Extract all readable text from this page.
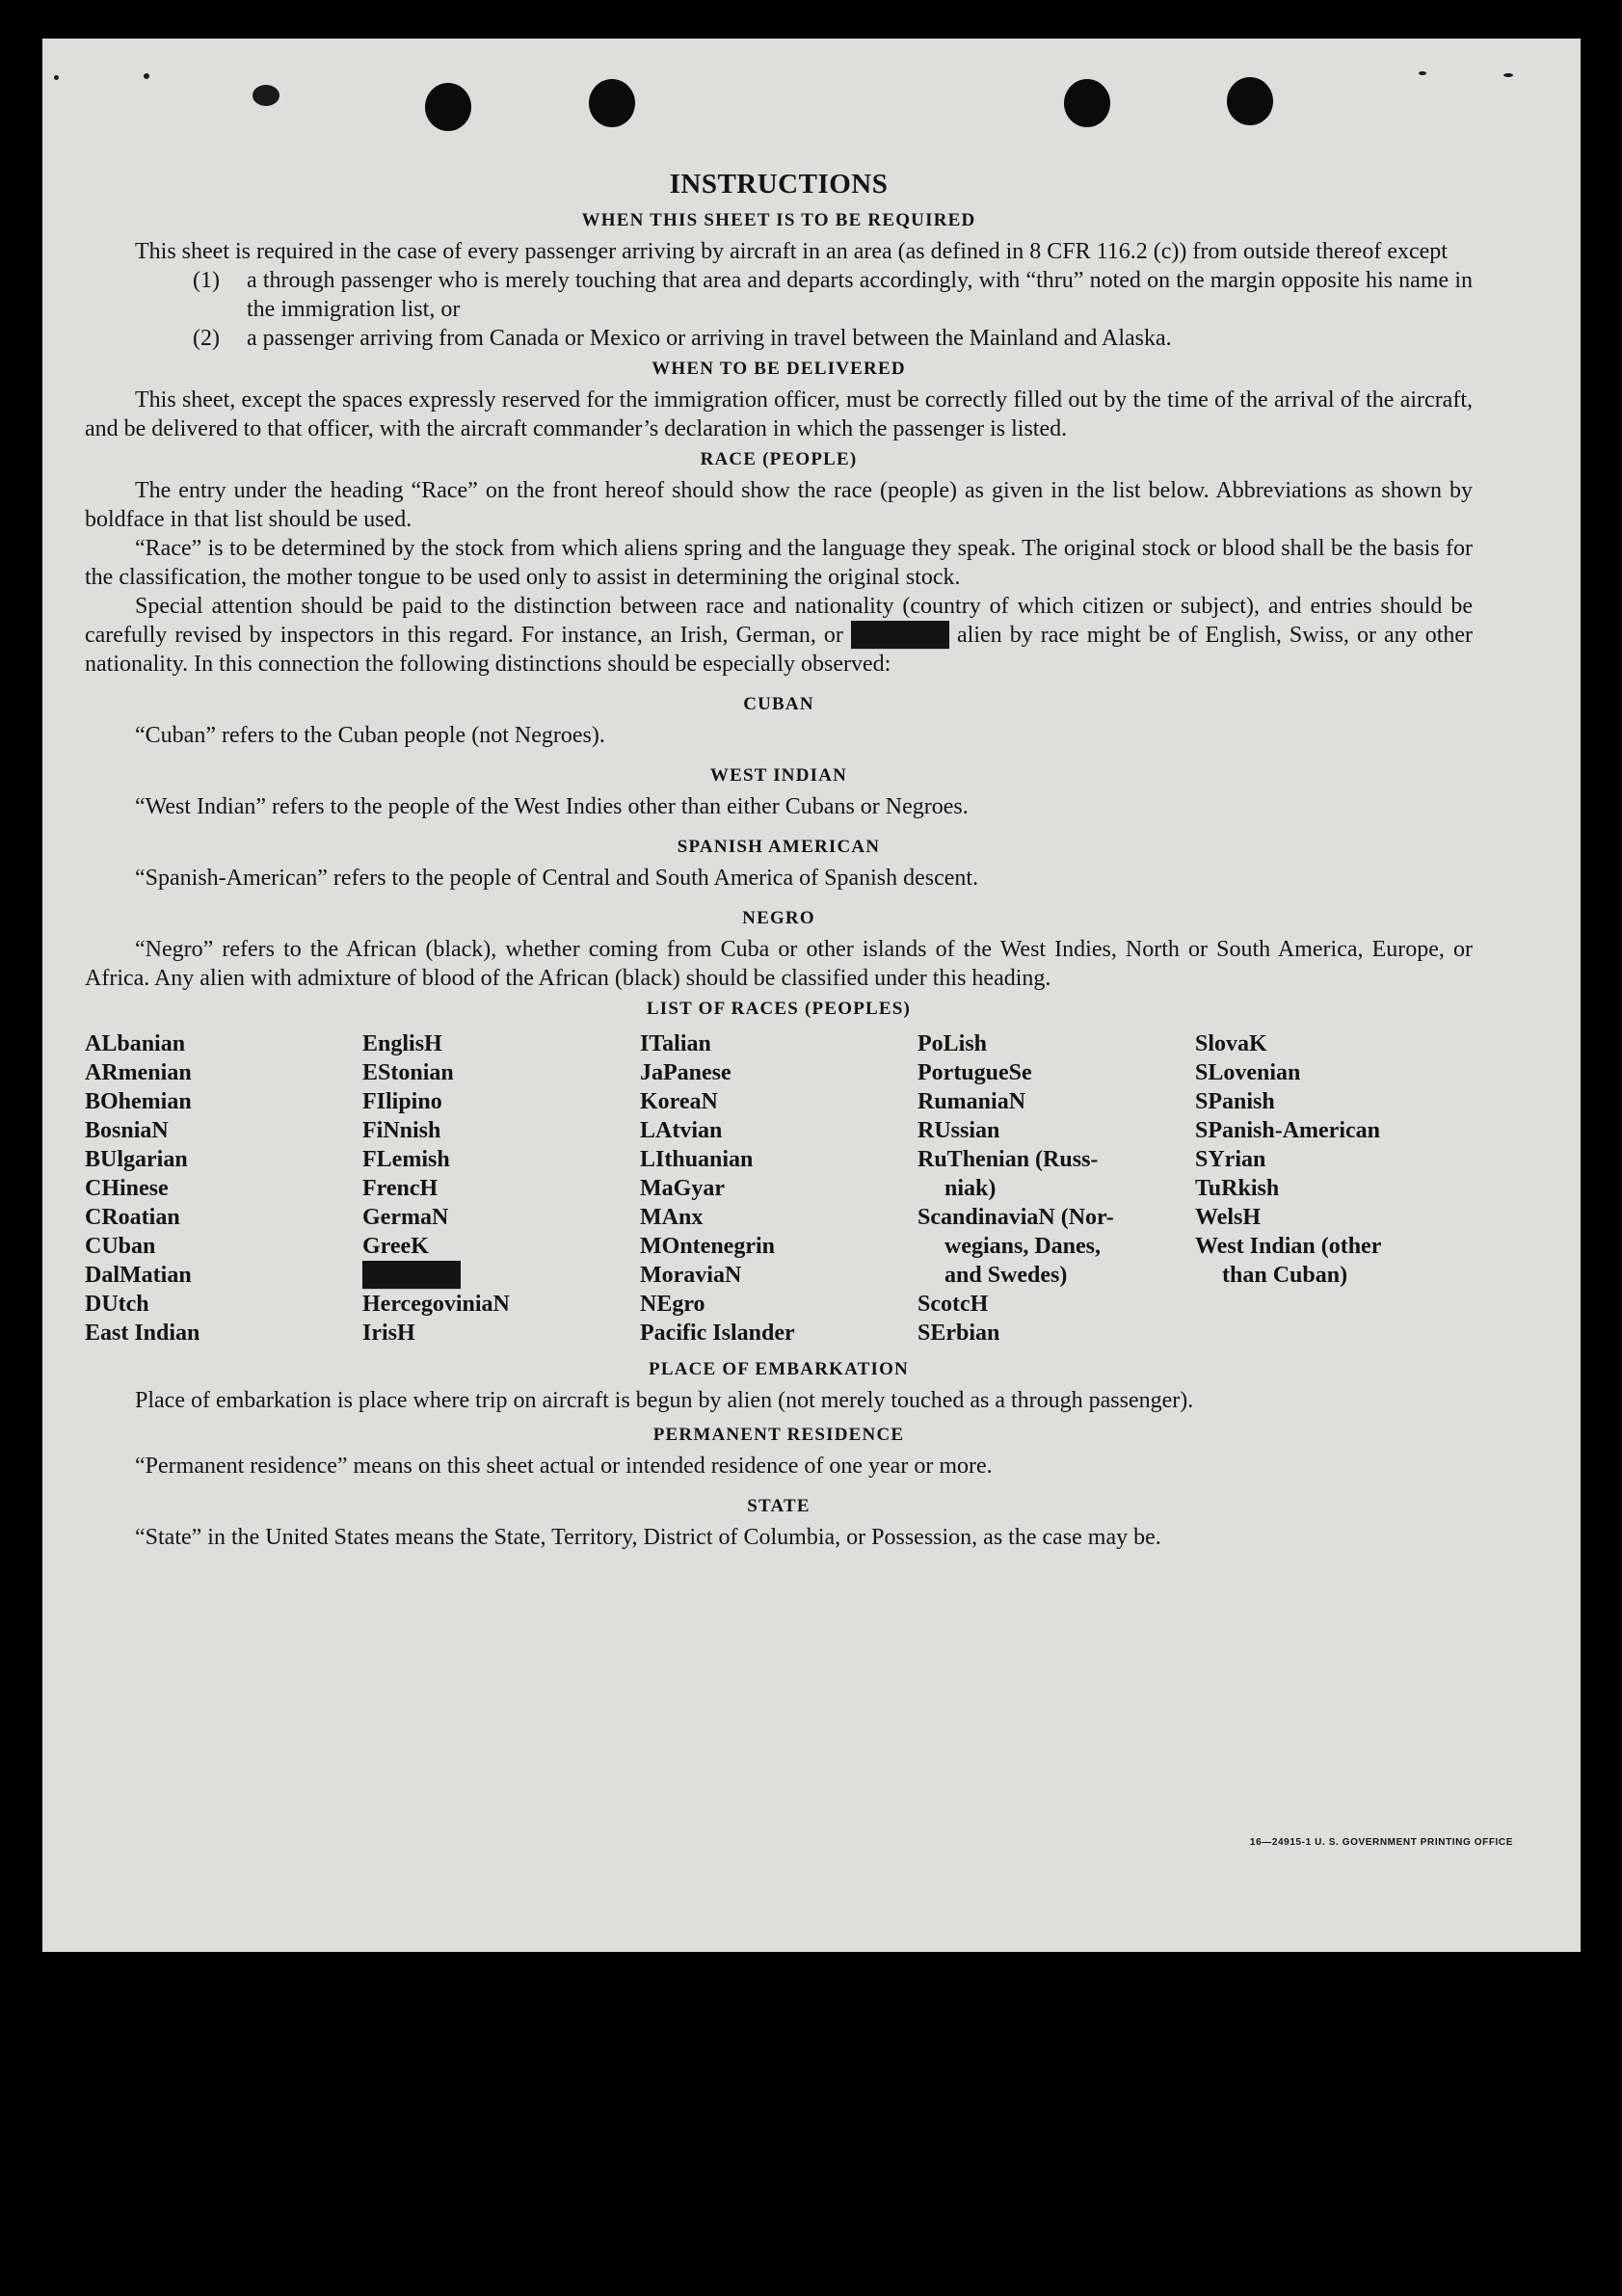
INSTRUCTIONS
WHEN THIS SHEET IS TO BE REQUIRED

This sheet is required in the case of every passenger arriving by aircraft in an area (as defined in 8 CFR 116.2 (c)) from outside thereof except

(1)	a through passenger who is merely touching that area and departs accordingly, with “thru” noted on the margin opposite his name in the immigration list, or
(2)	a passenger arriving from Canada or Mexico or arriving in travel between the Mainland and Alaska.
WHEN TO BE DELIVERED

This sheet, except the spaces expressly reserved for the immigration officer, must be correctly filled out by the time of the arrival of the aircraft, and be delivered to that officer, with the aircraft commander’s declaration in which the passenger is listed.

RACE (PEOPLE)

The entry under the heading “Race” on the front hereof should show the race (people) as given in the list below. Abbreviations as shown by boldface in that list should be used.

“Race” is to be determined by the stock from which aliens spring and the language they speak. The original stock or blood shall be the basis for the classification, the mother tongue to be used only to assist in determining the original stock.

Special attention should be paid to the distinction between race and nationality (country of which citizen or subject), and entries should be carefully revised by inspectors in this regard. For instance, an Irish, German, or ██████ alien by race might be of English, Swiss, or any other nationality. In this connection the following distinctions should be especially observed:

CUBAN

“Cuban” refers to the Cuban people (not Negroes).

WEST INDIAN

“West Indian” refers to the people of the West Indies other than either Cubans or Negroes.

SPANISH AMERICAN

“Spanish-American” refers to the people of Central and South America of Spanish descent.

NEGRO

“Negro” refers to the African (black), whether coming from Cuba or other islands of the West Indies, North or South America, Europe, or Africa. Any alien with admixture of blood of the African (black) should be classified under this heading.

LIST OF RACES (PEOPLES)
ALbanian
ARmenian
BOhemian
BosniaN
BUlgarian
CHinese
CRoatian
CUban
DalMatian
DUtch
East Indian
EnglisH
EStonian
FIlipino
FiNnish
FLemish
FrencH
GermaN
GreeK
██████
HercegoviniaN
IrisH
ITalian
JaPanese
KoreaN
LAtvian
LIthuanian
MaGyar
MAnx
MOntenegrin
MoraviaN
NEgro
Pacific Islander
PoLish
PortugueSe
RumaniaN
RUssian
RuThenian (Russ-
niak)
ScandinaviaN (Nor-
wegians, Danes,
and Swedes)
ScotcH
SErbian
SlovaK
SLovenian
SPanish
SPanish-American
SYrian
TuRkish
WelsH
West Indian (other
than Cuban)
PLACE OF EMBARKATION

Place of embarkation is place where trip on aircraft is begun by alien (not merely touched as a through passenger).

PERMANENT RESIDENCE

“Permanent residence” means on this sheet actual or intended residence of one year or more.

STATE

“State” in the United States means the State, Territory, District of Columbia, or Possession, as the case may be.

16—24915-1 U. S. GOVERNMENT PRINTING OFFICE
